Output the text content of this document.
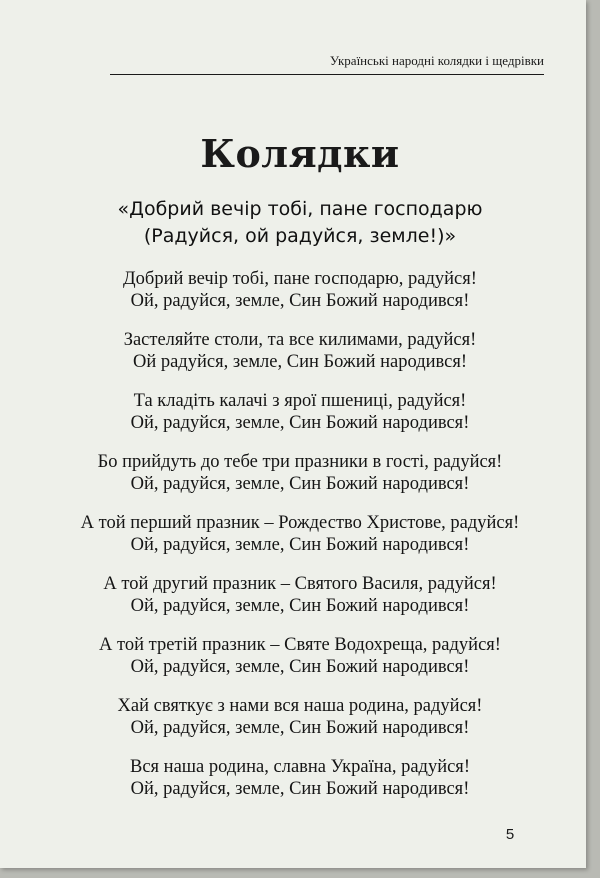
Українські народні колядки і щедрівки
Колядки
«Добрий вечір тобі, пане господарю
(Радуйся, ой радуйся, земле!)»
Добрий вечір тобі, пане господарю, радуйся!
Ой, радуйся, земле, Син Божий народився!
Застеляйте столи, та все килимами, радуйся!
Ой радуйся, земле, Син Божий народився!
Та кладіть калачі з ярої пшениці, радуйся!
Ой, радуйся, земле, Син Божий народився!
Бо прийдуть до тебе три празники в гості, радуйся!
Ой, радуйся, земле, Син Божий народився!
А той перший празник – Рождество Христове, радуйся!
Ой, радуйся, земле, Син Божий народився!
А той другий празник – Святого Василя, радуйся!
Ой, радуйся, земле, Син Божий народився!
А той третій празник – Святе Водохреща, радуйся!
Ой, радуйся, земле, Син Божий народився!
Хай святкує з нами вся наша родина, радуйся!
Ой, радуйся, земле, Син Божий народився!
Вся наша родина, славна Україна, радуйся!
Ой, радуйся, земле, Син Божий народився!
5
